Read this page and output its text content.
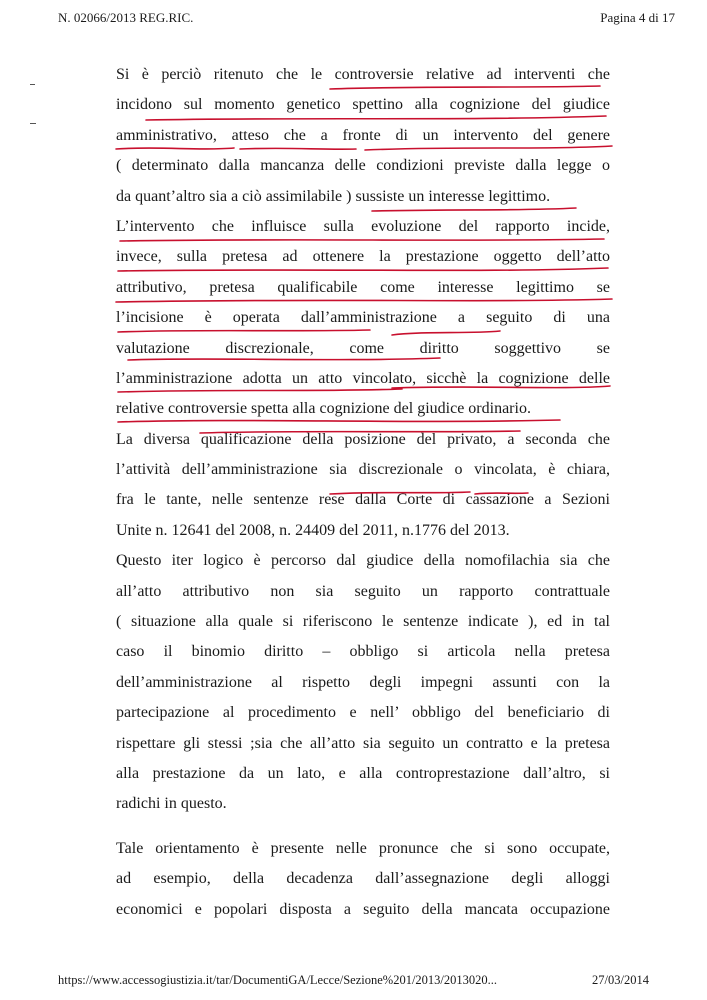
N. 02066/2013 REG.RIC.	Pagina 4 di 17
Si è perciò ritenuto che le controversie relative ad interventi che
incidono sul momento genetico spettino alla cognizione del giudice
amministrativo, atteso che a fronte di un intervento del genere
( determinato dalla mancanza delle condizioni previste dalla legge o
da quant’altro sia a ciò assimilabile ) sussiste un interesse legittimo.
L’intervento che influisce sulla evoluzione del rapporto incide,
invece, sulla pretesa ad ottenere la prestazione oggetto dell’atto
attributivo, pretesa qualificabile come interesse legittimo se
l’incisione è operata dall’amministrazione a seguito di una
valutazione discrezionale, come diritto soggettivo se
l’amministrazione adotta un atto vincolato, sicchè la cognizione delle
relative controversie spetta alla cognizione del giudice ordinario.
La diversa qualificazione della posizione del privato, a seconda che
l’attività dell’amministrazione sia discrezionale o vincolata, è chiara,
fra le tante, nelle sentenze rese dalla Corte di cassazione a Sezioni
Unite n. 12641 del 2008, n. 24409 del 2011, n.1776 del 2013.
Questo iter logico è percorso dal giudice della nomofilachia sia che
all’atto attributivo non sia seguito un rapporto contrattuale
( situazione alla quale si riferiscono le sentenze indicate ), ed in tal
caso il binomio diritto – obbligo si articola nella pretesa
dell’amministrazione al rispetto degli impegni assunti con la
partecipazione al procedimento e nell’ obbligo del beneficiario di
rispettare gli stessi ;sia che all’atto sia seguito un contratto e la pretesa
alla prestazione da un lato, e alla controprestazione dall’altro, si
radichi in questo.
Tale orientamento è presente nelle pronunce che si sono occupate,
ad esempio, della decadenza dall’assegnazione degli alloggi
economici e popolari disposta a seguito della mancata occupazione
https://www.accessogiustizia.it/tar/DocumentiGA/Lecce/Sezione%201/2013/2013020...	27/03/2014
